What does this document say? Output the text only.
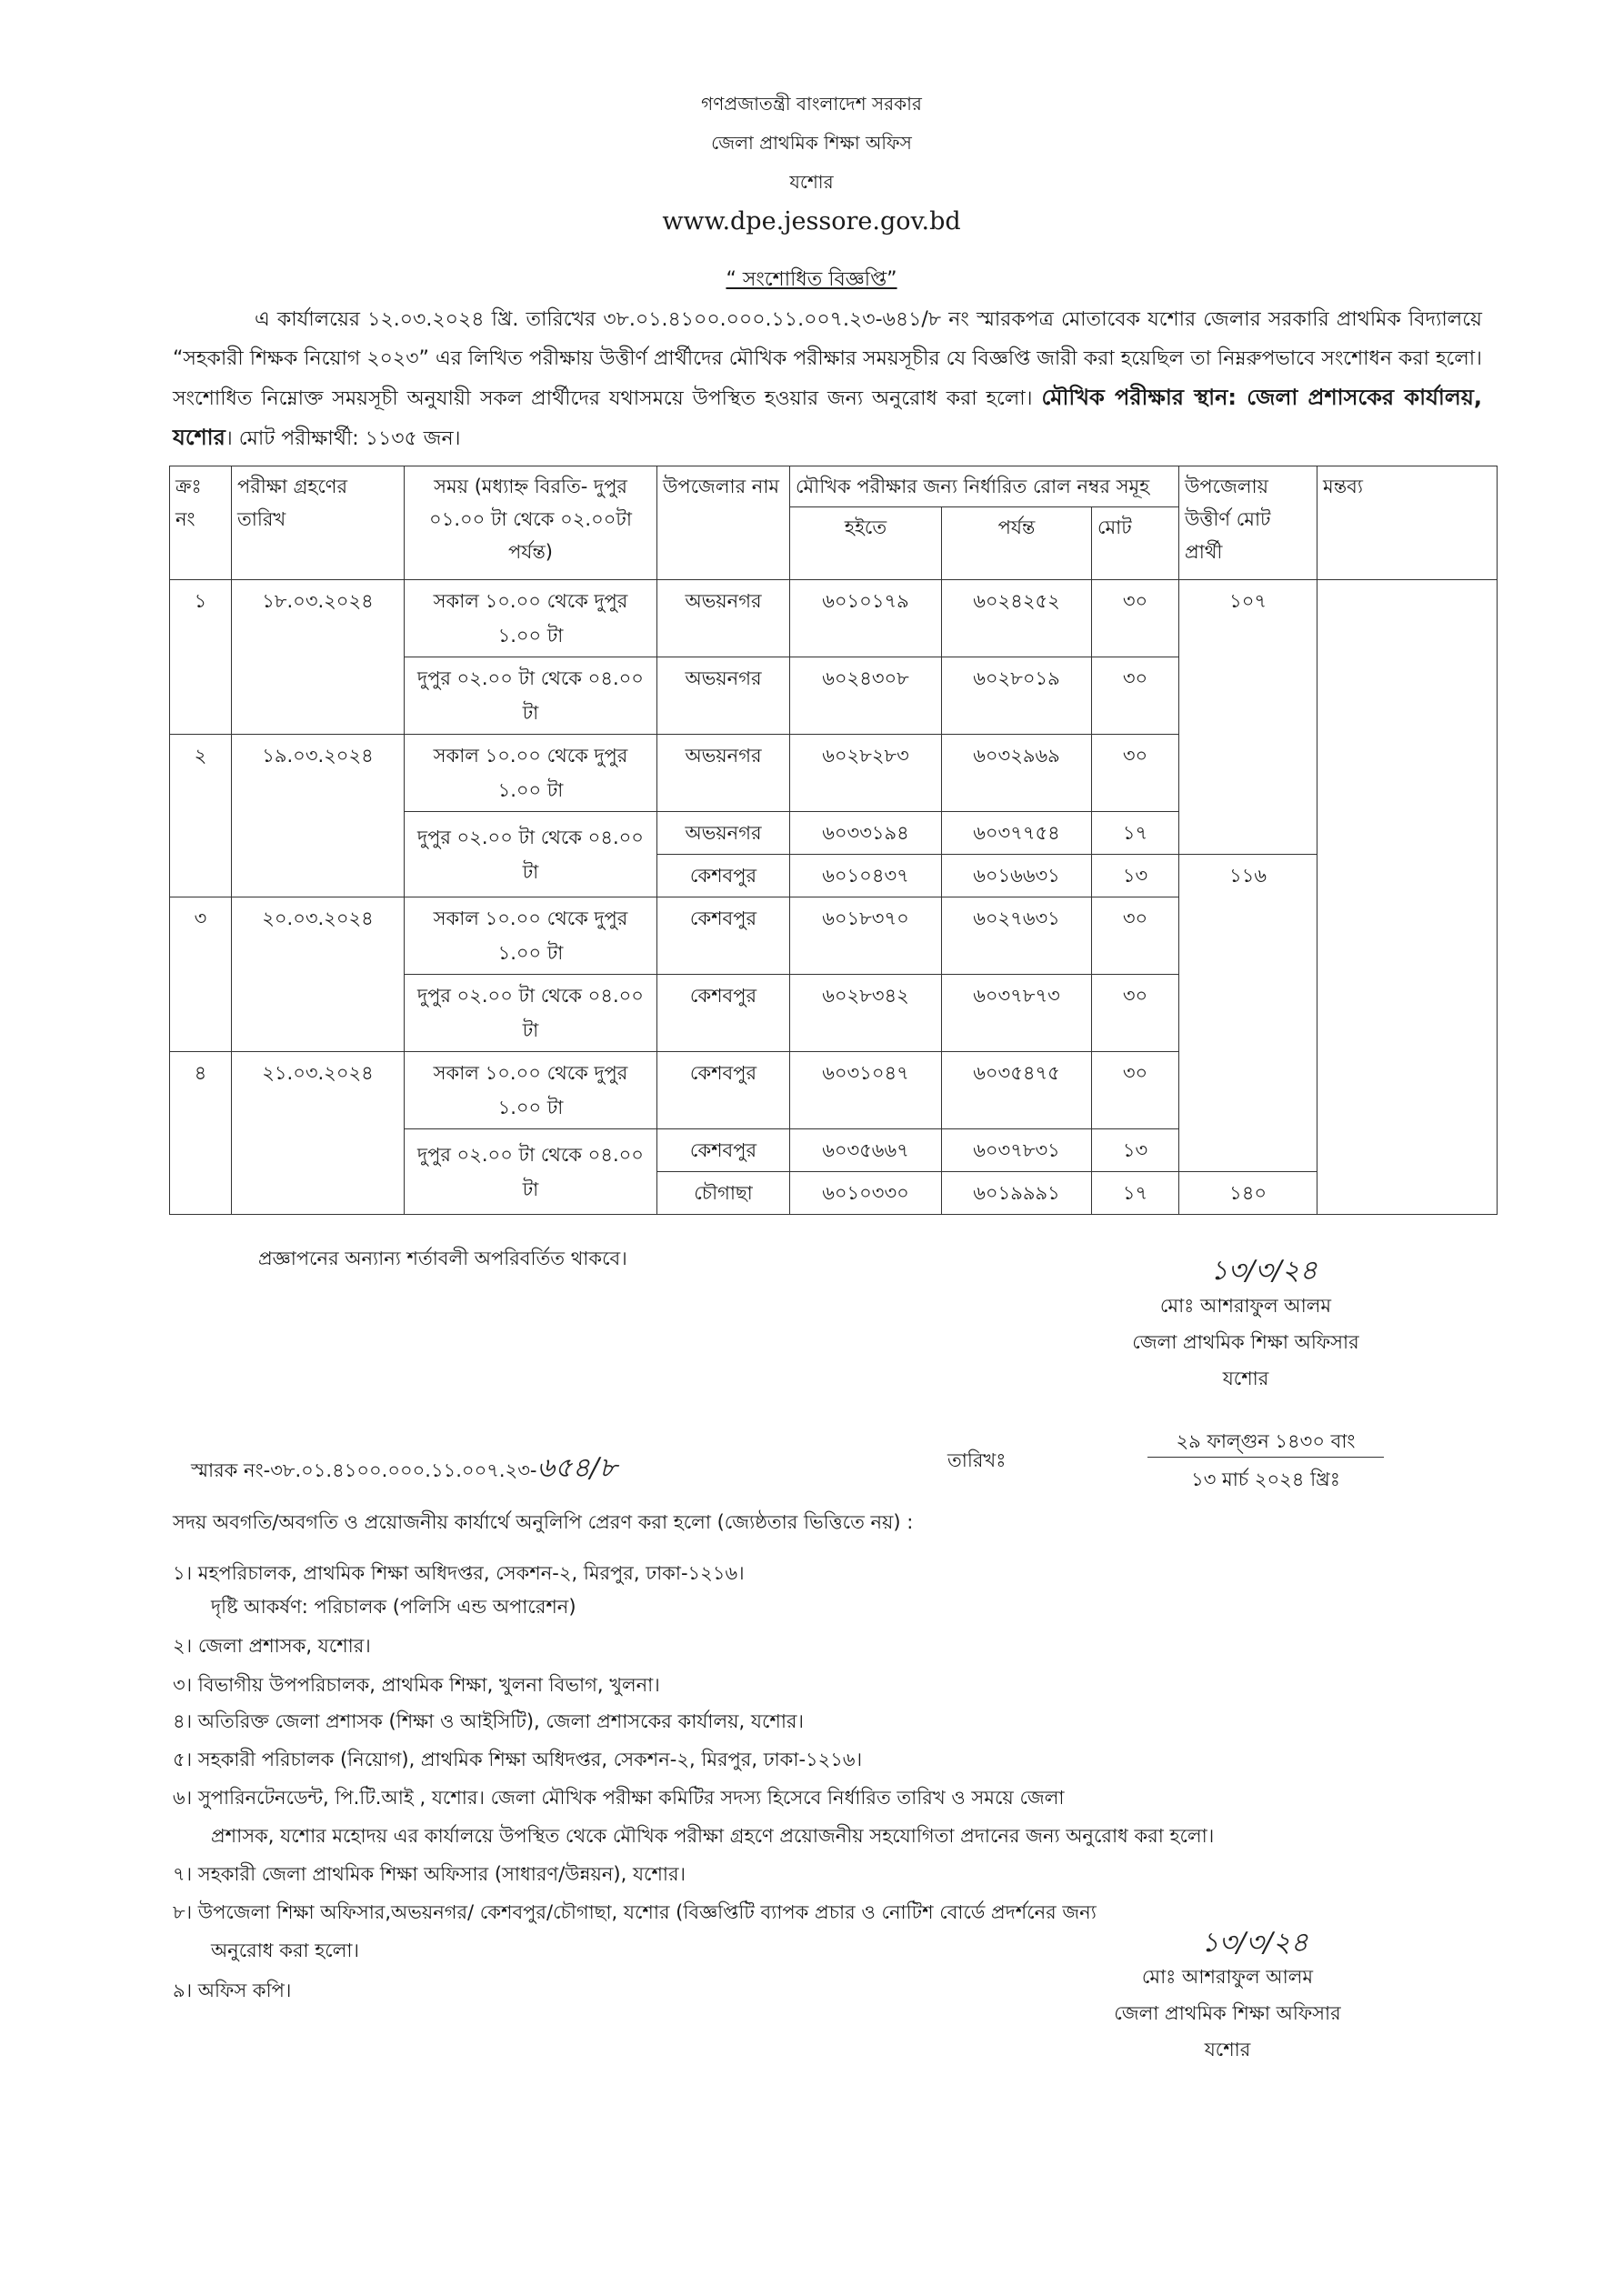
গণপ্রজাতন্ত্রী বাংলাদেশ সরকার
জেলা প্রাথমিক শিক্ষা অফিস
যশোর
www.dpe.jessore.gov.bd
“ সংশোধিত বিজ্ঞপ্তি”

এ কার্যালয়ের ১২.০৩.২০২৪ খ্রি. তারিখের ৩৮.০১.৪১০০.০০০.১১.০০৭.২৩-৬৪১/৮ নং স্মারকপত্র মোতাবেক যশোর জেলার সরকারি প্রাথমিক বিদ্যালয়ে “সহকারী শিক্ষক নিয়োগ ২০২৩” এর লিখিত পরীক্ষায় উত্তীর্ণ প্রার্থীদের মৌখিক পরীক্ষার সময়সূচীর যে বিজ্ঞপ্তি জারী করা হয়েছিল তা নিম্নরুপভাবে সংশোধন করা হলো। সংশোধিত নিম্নোক্ত সময়সূচী অনুযায়ী সকল প্রার্থীদের যথাসময়ে উপস্থিত হওয়ার জন্য অনুরোধ করা হলো। মৌখিক পরীক্ষার স্থান: জেলা প্রশাসকের কার্যালয়, যশোর। মোট পরীক্ষার্থী: ১১৩৫ জন।

ক্রঃ নং	পরীক্ষা গ্রহণের তারিখ	সময় (মধ্যাহ্ন বিরতি- দুপুর ০১.০০ টা থেকে ০২.০০টা পর্যন্ত)	উপজেলার নাম	মৌখিক পরীক্ষার জন্য নির্ধারিত রোল নম্বর সমূহ			উপজেলায় উত্তীর্ণ মোট প্রার্থী	মন্তব্য
				হইতে	পর্যন্ত	মোট		
১	১৮.০৩.২০২৪	সকাল ১০.০০ থেকে দুপুর ১.০০ টা	অভয়নগর	৬০১০১৭৯	৬০২৪২৫২	৩০	১০৭	
		দুপুর ০২.০০ টা থেকে ০৪.০০ টা	অভয়নগর	৬০২৪৩০৮	৬০২৮০১৯	৩০		
২	১৯.০৩.২০২৪	সকাল ১০.০০ থেকে দুপুর ১.০০ টা	অভয়নগর	৬০২৮২৮৩	৬০৩২৯৬৯	৩০		
		দুপুর ০২.০০ টা থেকে ০৪.০০ টা	অভয়নগর	৬০৩৩১৯৪	৬০৩৭৭৫৪	১৭		
			কেশবপুর	৬০১০৪৩৭	৬০১৬৬৩১	১৩	১১৬	
৩	২০.০৩.২০২৪	সকাল ১০.০০ থেকে দুপুর ১.০০ টা	কেশবপুর	৬০১৮৩৭০	৬০২৭৬৩১	৩০		
		দুপুর ০২.০০ টা থেকে ০৪.০০ টা	কেশবপুর	৬০২৮৩৪২	৬০৩৭৮৭৩	৩০		
৪	২১.০৩.২০২৪	সকাল ১০.০০ থেকে দুপুর ১.০০ টা	কেশবপুর	৬০৩১০৪৭	৬০৩৫৪৭৫	৩০		
		দুপুর ০২.০০ টা থেকে ০৪.০০ টা	কেশবপুর	৬০৩৫৬৬৭	৬০৩৭৮৩১	১৩		
			চৌগাছা	৬০১০৩৩০	৬০১৯৯৯১	১৭	১৪০	
প্রজ্ঞাপনের অন্যান্য শর্তাবলী অপরিবর্তিত থাকবে।	১৩/৩/২৪
মোঃ আশরাফুল আলম
জেলা প্রাথমিক শিক্ষা অফিসার
যশোর
স্মারক নং-৩৮.০১.৪১০০.০০০.১১.০০৭.২৩-৬৫৪/৮	তারিখঃ
২৯ ফাল্গুন ১৪৩০ বাং
১৩ মার্চ ২০২৪ খ্রিঃ
সদয় অবগতি/অবগতি ও প্রয়োজনীয় কার্যার্থে অনুলিপি প্রেরণ করা হলো (জ্যেষ্ঠতার ভিত্তিতে নয়) :
১। মহপরিচালক, প্রাথমিক শিক্ষা অধিদপ্তর, সেকশন-২, মিরপুর, ঢাকা-১২১৬।
দৃষ্টি আকর্ষণ: পরিচালক (পলিসি এন্ড অপারেশন)
২। জেলা প্রশাসক, যশোর।
৩। বিভাগীয় উপপরিচালক, প্রাথমিক শিক্ষা, খুলনা বিভাগ, খুলনা।
৪। অতিরিক্ত জেলা প্রশাসক (শিক্ষা ও আইসিটি), জেলা প্রশাসকের কার্যালয়, যশোর।
৫। সহকারী পরিচালক (নিয়োগ), প্রাথমিক শিক্ষা অধিদপ্তর, সেকশন-২, মিরপুর, ঢাকা-১২১৬।
৬। সুপারিনটেনডেন্ট, পি.টি.আই , যশোর। জেলা মৌখিক পরীক্ষা কমিটির সদস্য হিসেবে নির্ধারিত তারিখ ও সময়ে জেলা
প্রশাসক, যশোর মহোদয় এর কার্যালয়ে উপস্থিত থেকে মৌখিক পরীক্ষা গ্রহণে প্রয়োজনীয় সহযোগিতা প্রদানের জন্য অনুরোধ করা হলো।
৭। সহকারী জেলা প্রাথমিক শিক্ষা অফিসার (সাধারণ/উন্নয়ন), যশোর।
৮। উপজেলা শিক্ষা অফিসার,অভয়নগর/ কেশবপুর/চৌগাছা, যশোর (বিজ্ঞপ্তিটি ব্যাপক প্রচার ও নোটিশ বোর্ডে প্রদর্শনের জন্য
অনুরোধ করা হলো।
৯। অফিস কপি।
১৩/৩/২৪
মোঃ আশরাফুল আলম
জেলা প্রাথমিক শিক্ষা অফিসার
যশোর
